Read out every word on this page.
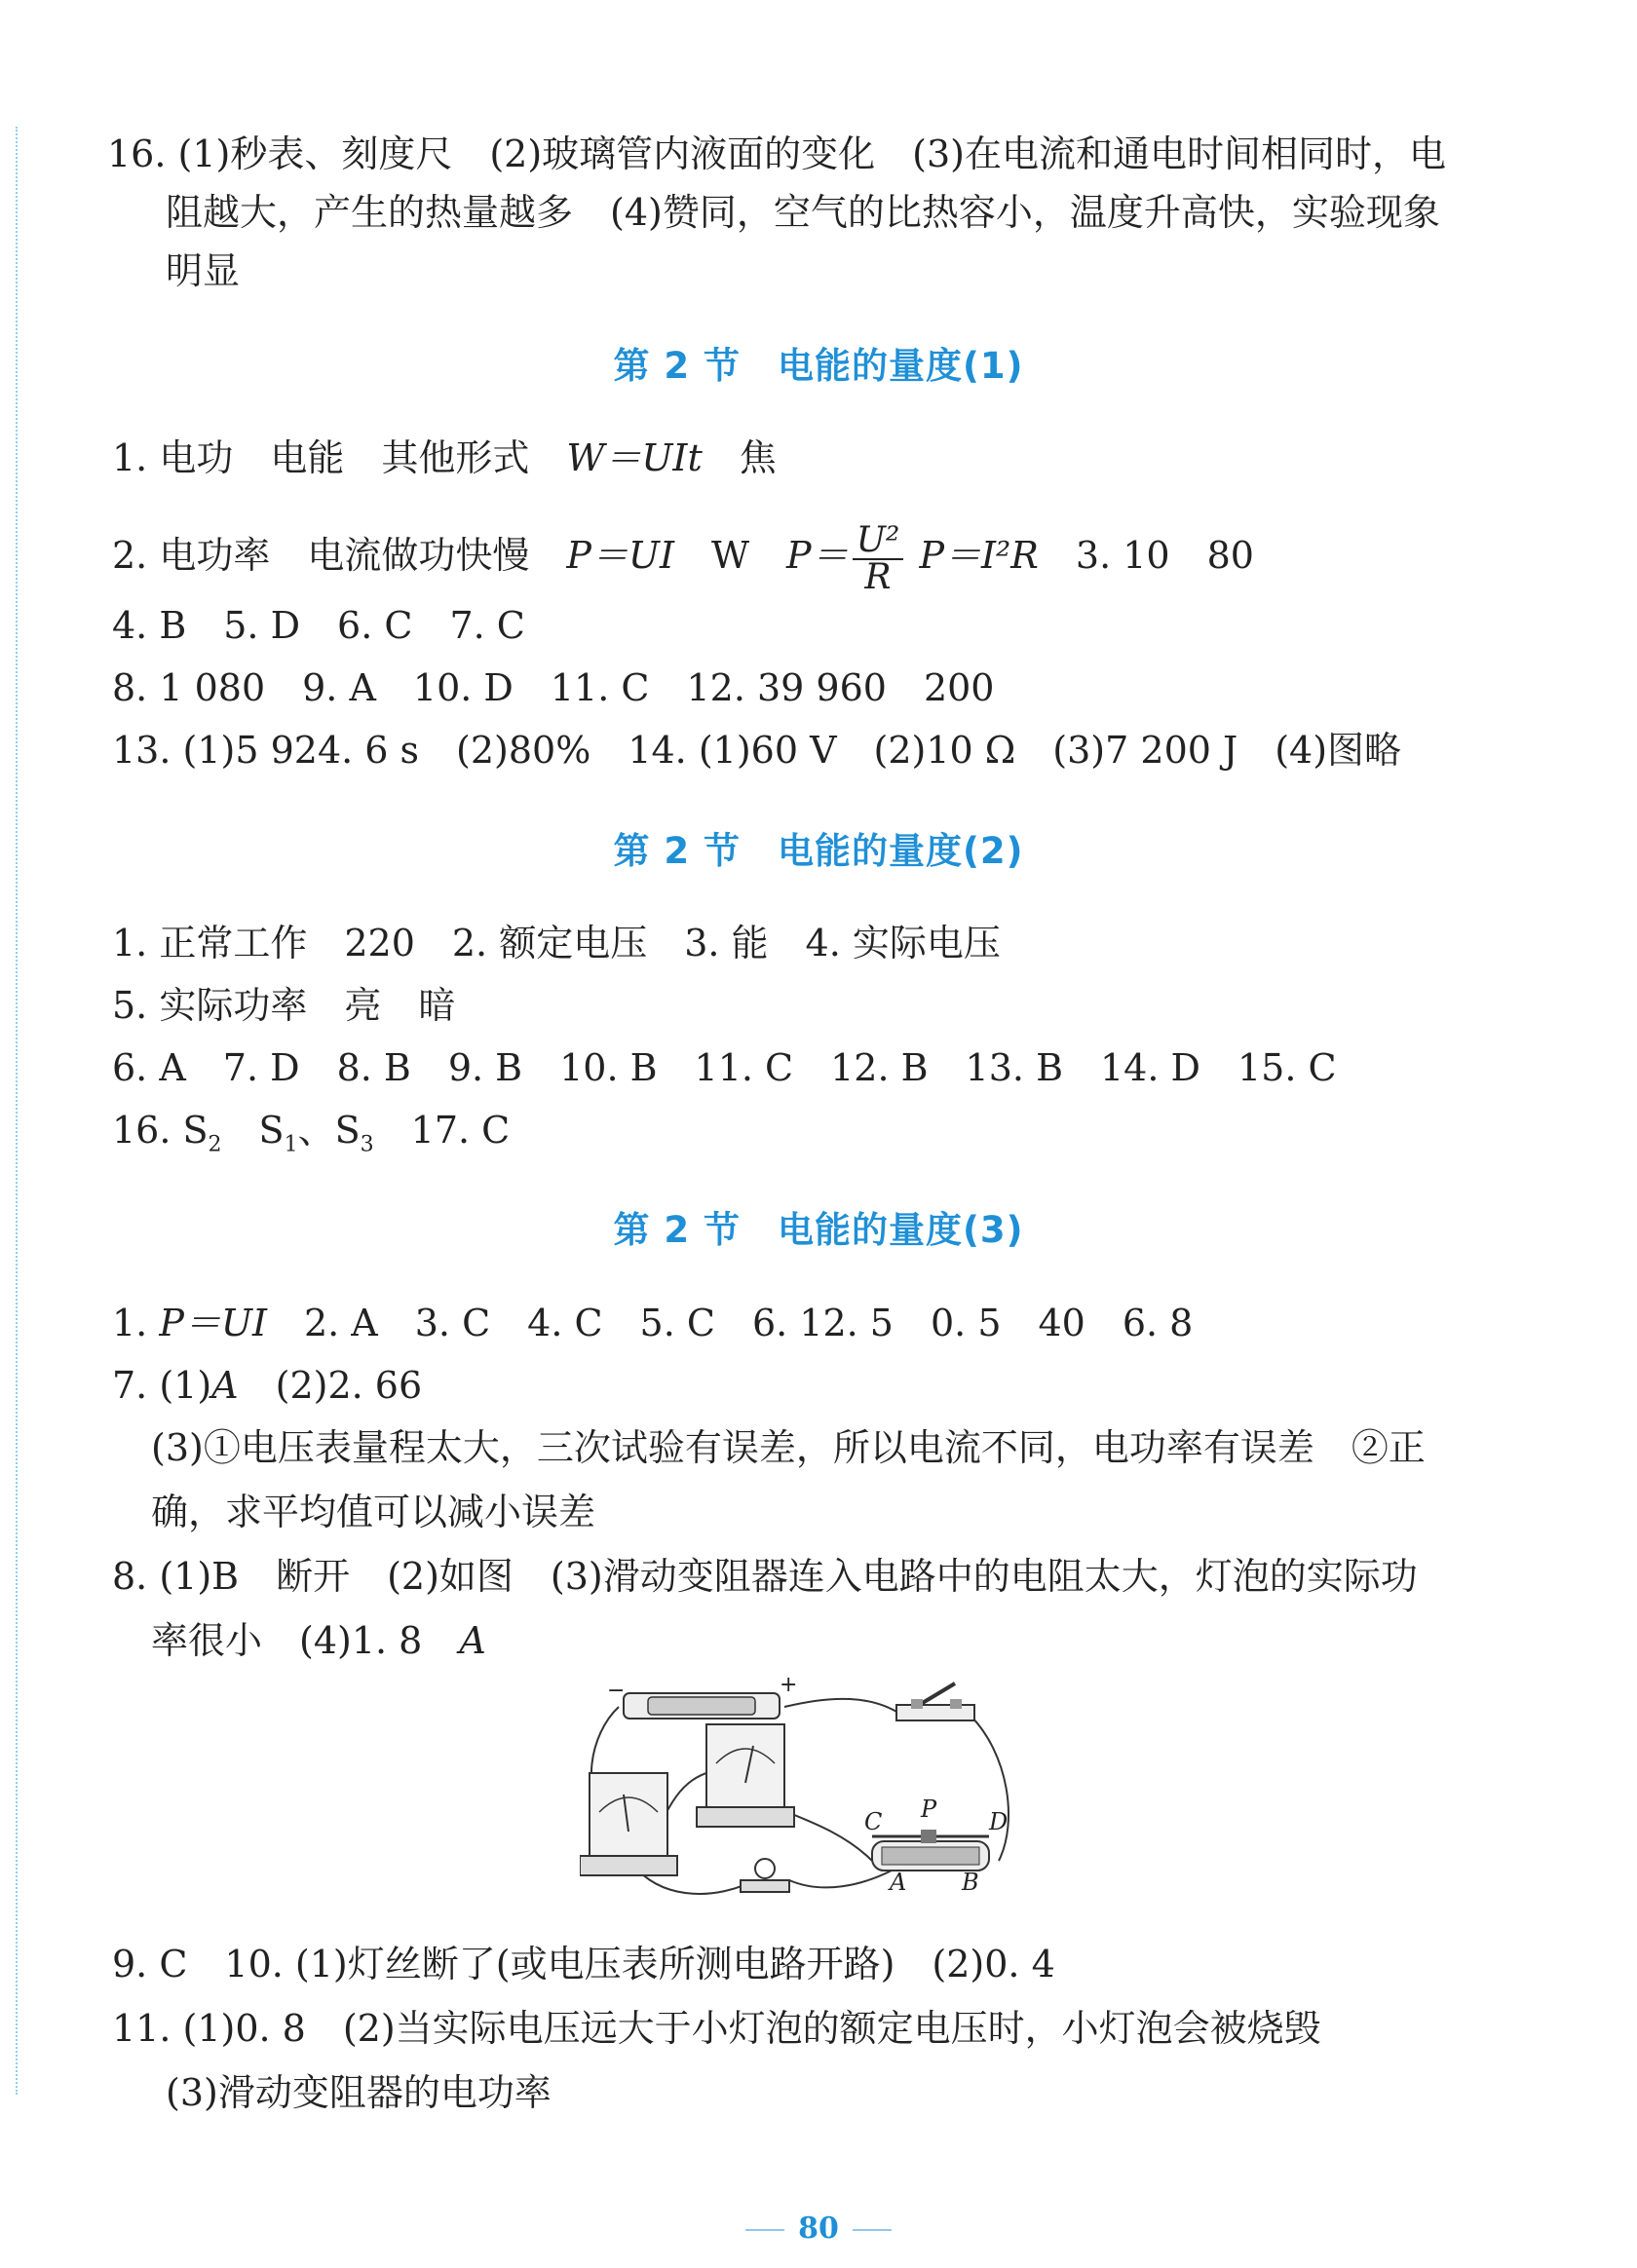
16. (1)秒表、刻度尺　(2)玻璃管内液面的变化　(3)在电流和通电时间相同时，电
阻越大，产生的热量越多　(4)赞同，空气的比热容小，温度升高快，实验现象
明显
第 2 节　电能的量度(1)
1. 电功　电能　其他形式　W＝UIt　焦
2. 电功率　电流做功快慢　P＝UI　W　$P= \frac{\text{U²}}{R} P=I^2R$　3. 10　80
4. B　5. D　6. C　7. C
8. 1 080　9. A　10. D　11. C　12. 39 960　200
13. (1)5 924. 6 s　(2)80%　14. (1)60 V　(2)10 Ω　(3)7 200 J　(4)图略
第 2 节　电能的量度(2)
1. 正常工作　220　2. 额定电压　3. 能　4. 实际电压
5. 实际功率　亮　暗
6. A　7. D　8. B　9. B　10. B　11. C　12. B　13. B　14. D　15. C
16. $S_2$　$S_1$、$S_3$　17. C
第 2 节　电能的量度(3)
1. P＝UI　2. A　3. C　4. C　5. C　6. 12. 5　0. 5　40　6. 8
7. (1)A　(2)2. 66
(3)①电压表量程太大，三次试验有误差，所以电流不同，电功率有误差　②正
确，求平均值可以减小误差
8. (1)B　断开　(2)如图　(3)滑动变阻器连入电路中的电阻太大，灯泡的实际功
率很小　(4)1. 8　A
−	+
C P D
A B
9. C　10. (1)灯丝断了(或电压表所测电路开路)　(2)0. 4
11. (1)0. 8　(2)当实际电压远大于小灯泡的额定电压时，小灯泡会被烧毁
(3)滑动变阻器的电功率
80
